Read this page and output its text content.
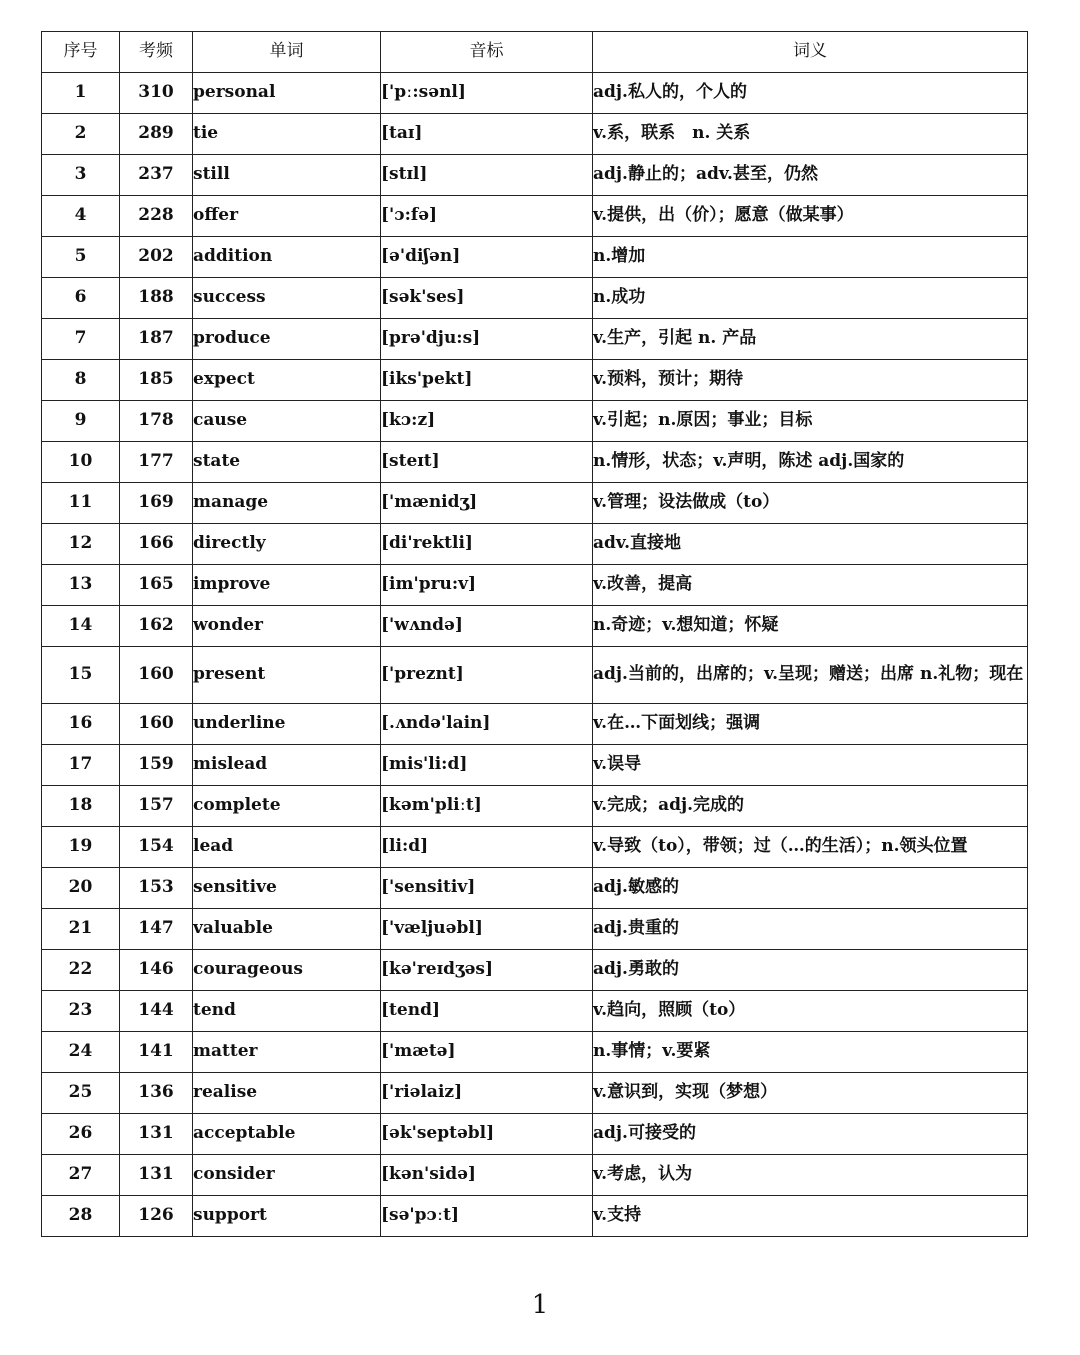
序号	考频	单词	音标	词义
1	310	personal	['pː:sənl]	adj.私人的，个人的
2	289	tie	[taɪ]	v.系，联系　n. 关系
3	237	still	[stɪl]	adj.静止的；adv.甚至，仍然
4	228	offer	['ɔ:fə]	v.提供，出（价）；愿意（做某事）
5	202	addition	[ə'diʃən]	n.增加
6	188	success	[sək'ses]	n.成功
7	187	produce	[prə'dju:s]	v.生产，引起 n. 产品
8	185	expect	[iks'pekt]	v.预料，预计；期待
9	178	cause	[kɔ:z]	v.引起；n.原因；事业；目标
10	177	state	[steɪt]	n.情形，状态；v.声明，陈述 adj.国家的
11	169	manage	['mænidʒ]	v.管理；设法做成（to）
12	166	directly	[di'rektli]	adv.直接地
13	165	improve	[im'pru:v]	v.改善，提高
14	162	wonder	['wʌndə]	n.奇迹；v.想知道；怀疑
15	160	present	['preznt]	adj.当前的，出席的；v.呈现；赠送；出席 n.礼物；现在
16	160	underline	[.ʌndə'lain]	v.在…下面划线；强调
17	159	mislead	[mis'li:d]	v.误导
18	157	complete	[kəm'pliːt]	v.完成；adj.完成的
19	154	lead	[li:d]	v.导致（to），带领；过（…的生活）；n.领头位置
20	153	sensitive	['sensitiv]	adj.敏感的
21	147	valuable	['væljuəbl]	adj.贵重的
22	146	courageous	[kə'reɪdʒəs]	adj.勇敢的
23	144	tend	[tend]	v.趋向，照顾（to）
24	141	matter	['mætə]	n.事情；v.要紧
25	136	realise	['riəlaiz]	v.意识到，实现（梦想）
26	131	acceptable	[ək'septəbl]	adj.可接受的
27	131	consider	[kən'sidə]	v.考虑，认为
28	126	support	[sə'pɔːt]	v.支持
1
